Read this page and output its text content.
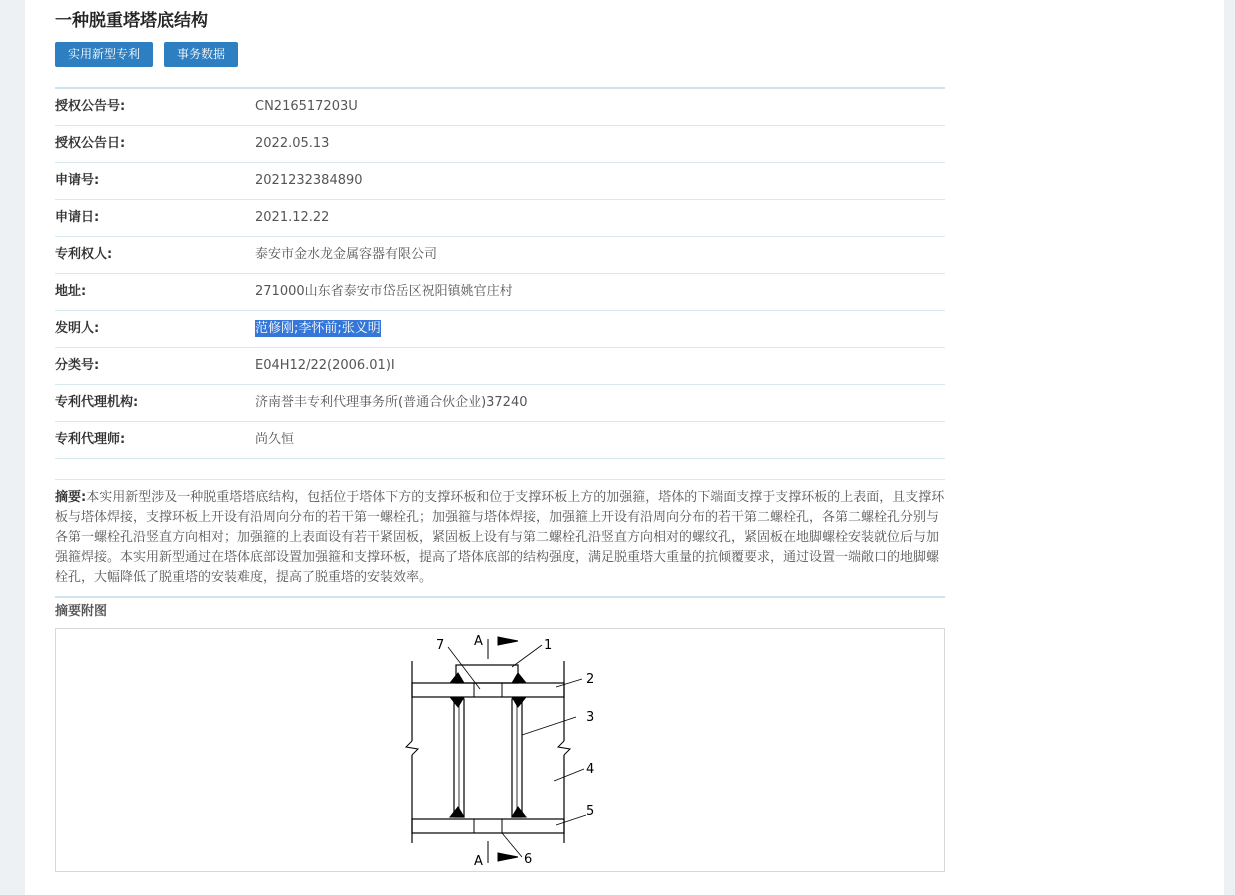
一种脱重塔塔底结构
实用新型专利	事务数据
授权公告号:	CN216517203U
授权公告日:	2022.05.13
申请号:	2021232384890
申请日:	2021.12.22
专利权人:	泰安市金水龙金属容器有限公司
地址:	271000山东省泰安市岱岳区祝阳镇姚官庄村
发明人:	范修刚;李怀前;张义明
分类号:	E04H12/22(2006.01)I
专利代理机构:	济南誉丰专利代理事务所(普通合伙企业)37240
专利代理师:	尚久恒
摘要:本实用新型涉及一种脱重塔塔底结构，包括位于塔体下方的支撑环板和位于支撑环板上方的加强箍，塔体的下端面支撑于支撑环板的上表面，且支撑环板与塔体焊接，支撑环板上开设有沿周向分布的若干第一螺栓孔；加强箍与塔体焊接，加强箍上开设有沿周向分布的若干第二螺栓孔，各第二螺栓孔分别与各第一螺栓孔沿竖直方向相对；加强箍的上表面设有若干紧固板，紧固板上设有与第二螺栓孔沿竖直方向相对的螺纹孔，紧固板在地脚螺栓安装就位后与加强箍焊接。本实用新型通过在塔体底部设置加强箍和支撑环板，提高了塔体底部的结构强度，满足脱重塔大重量的抗倾覆要求，通过设置一端敞口的地脚螺栓孔，大幅降低了脱重塔的安装难度，提高了脱重塔的安装效率。
摘要附图
A
A
1
2
3
4
5
6
7
